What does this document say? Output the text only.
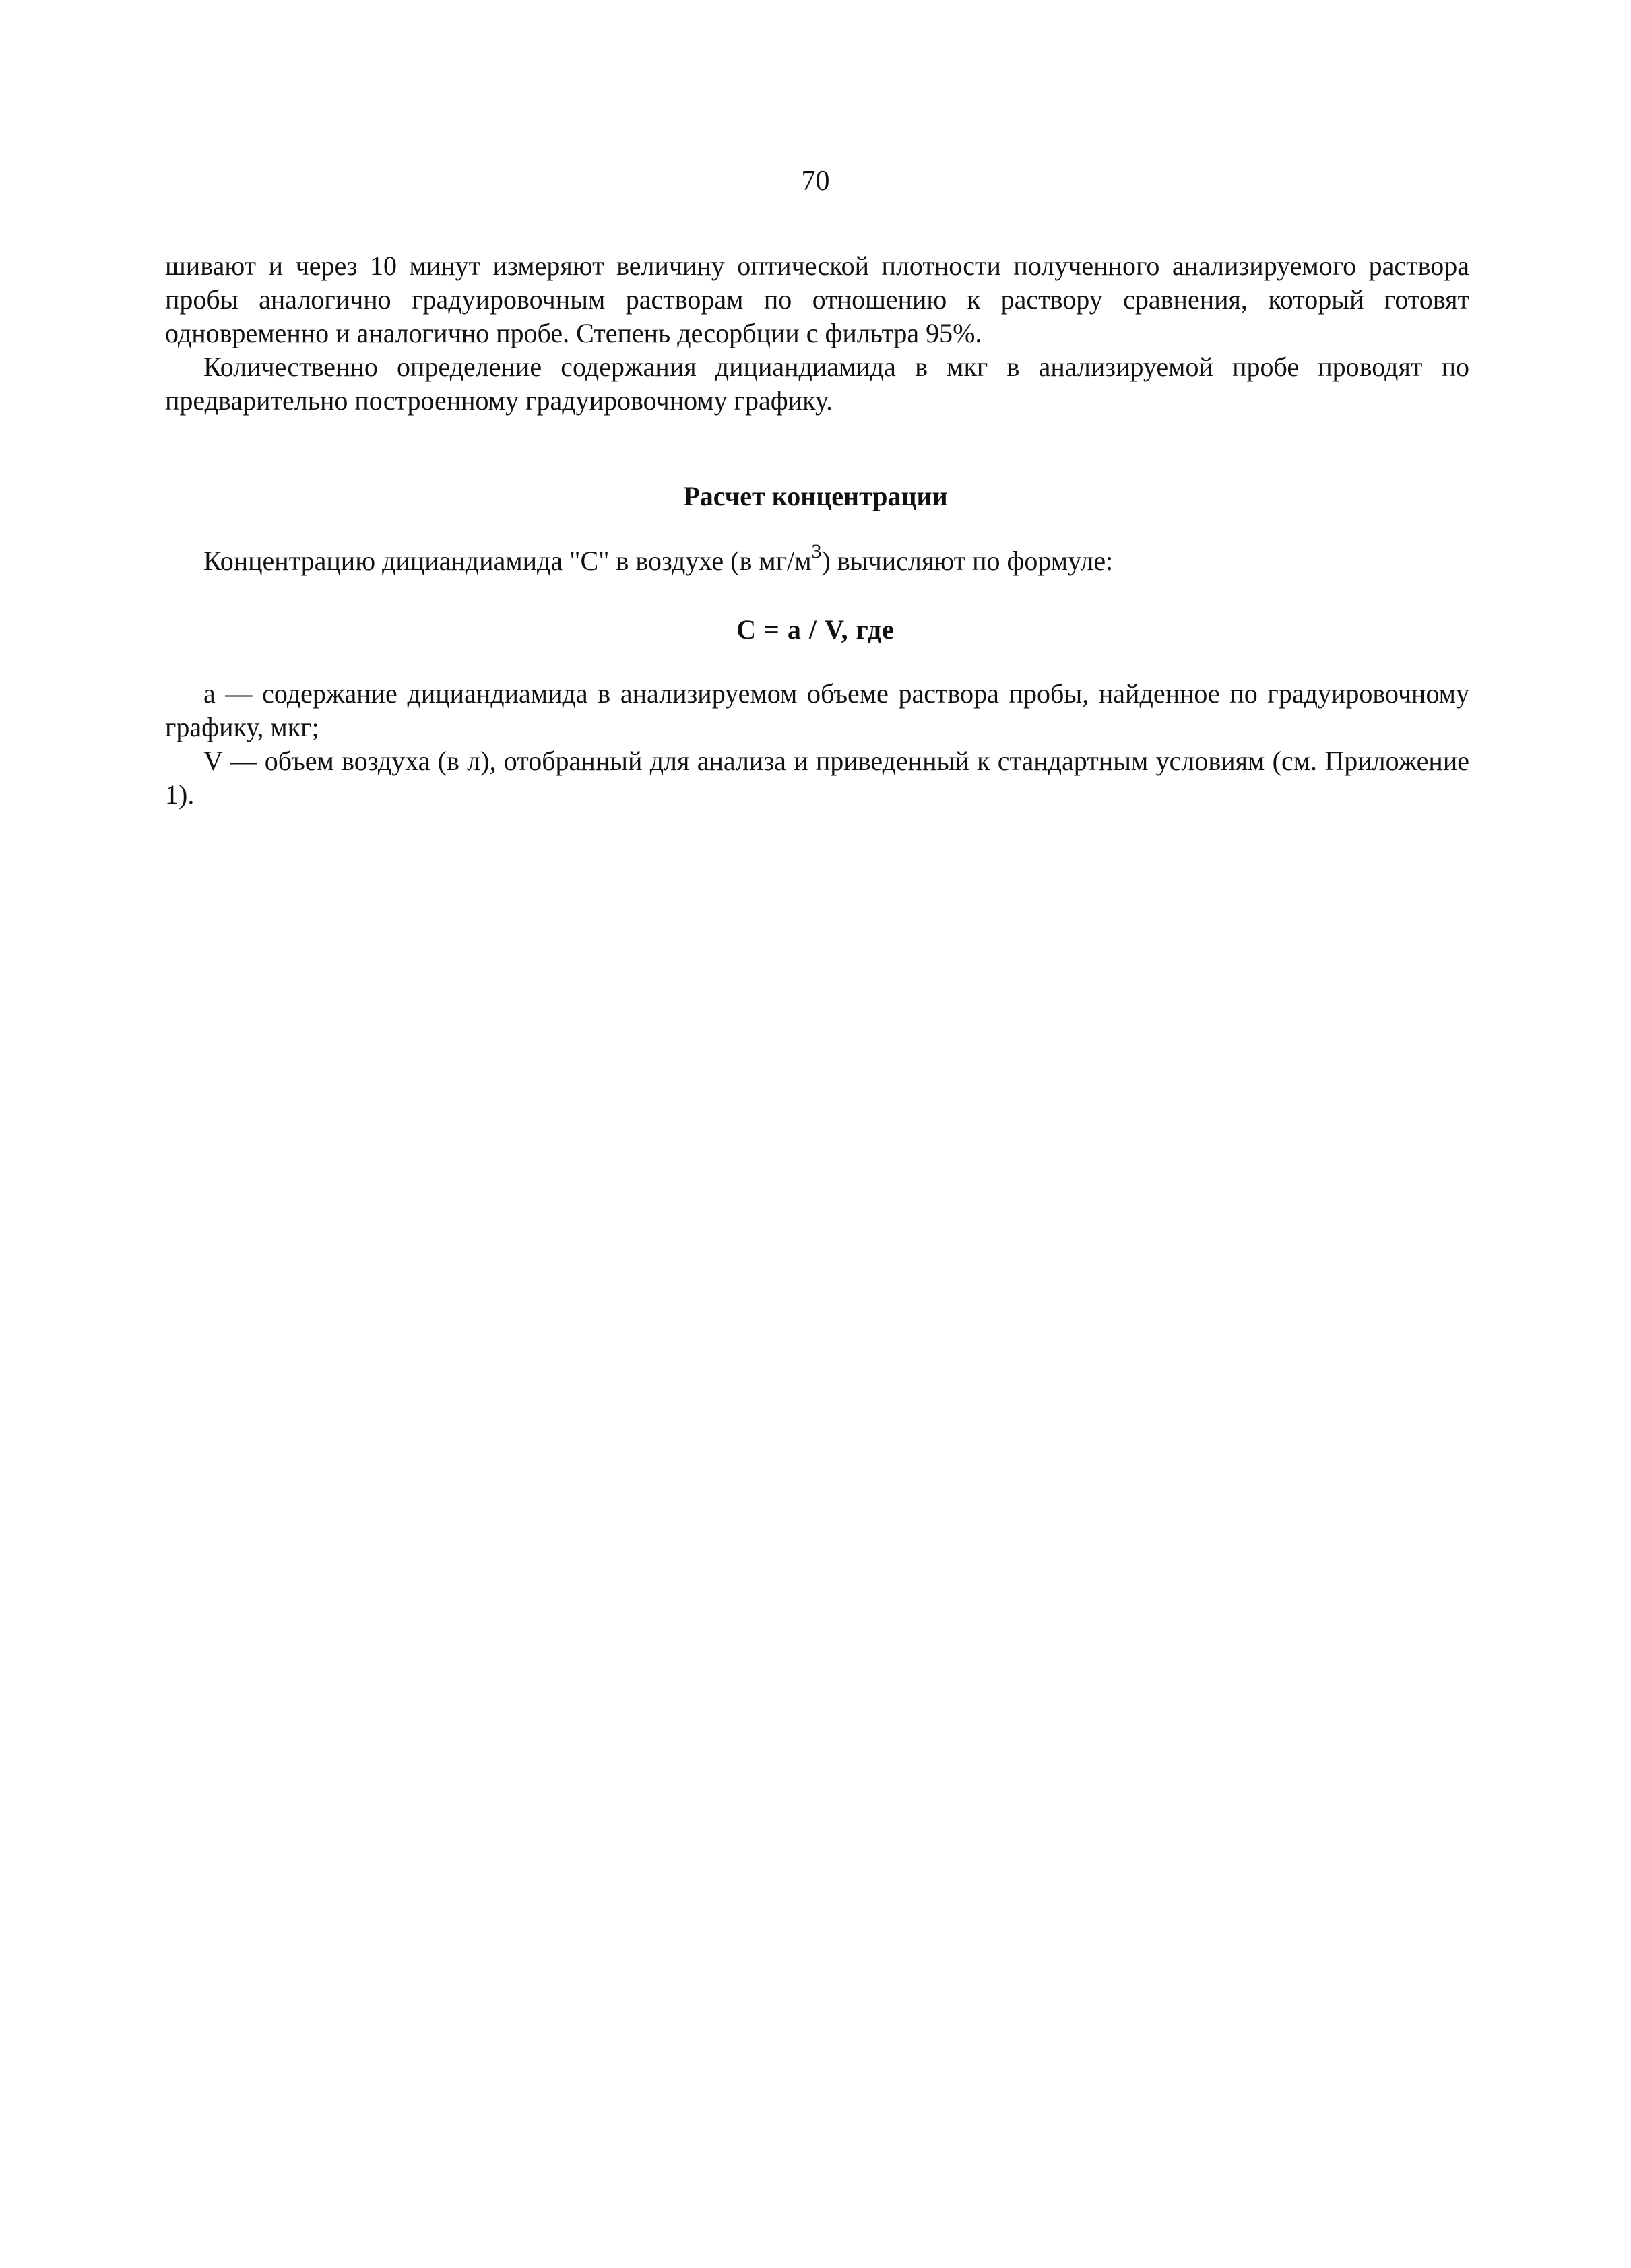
70

шивают и через 10 минут измеряют величину оптической плотности полученного анализируемого раствора пробы аналогично градуировочным растворам по отношению к раствору сравнения, который готовят одновременно и аналогично пробе. Степень десорбции с фильтра 95%.

Количественно определение содержания дициандиамида в мкг в анализируемой пробе проводят по предварительно построенному градуировочному графику.

Расчет концентрации
Концентрацию дициандиамида "С" в воздухе (в $мг/м^3$) вычисляют по формуле:
С = а / V, где

а — содержание дициандиамида в анализируемом объеме раствора пробы, найденное по градуировочному графику, мкг;

V — объем воздуха (в л), отобранный для анализа и приведенный к стандартным условиям (см. Приложение 1).
